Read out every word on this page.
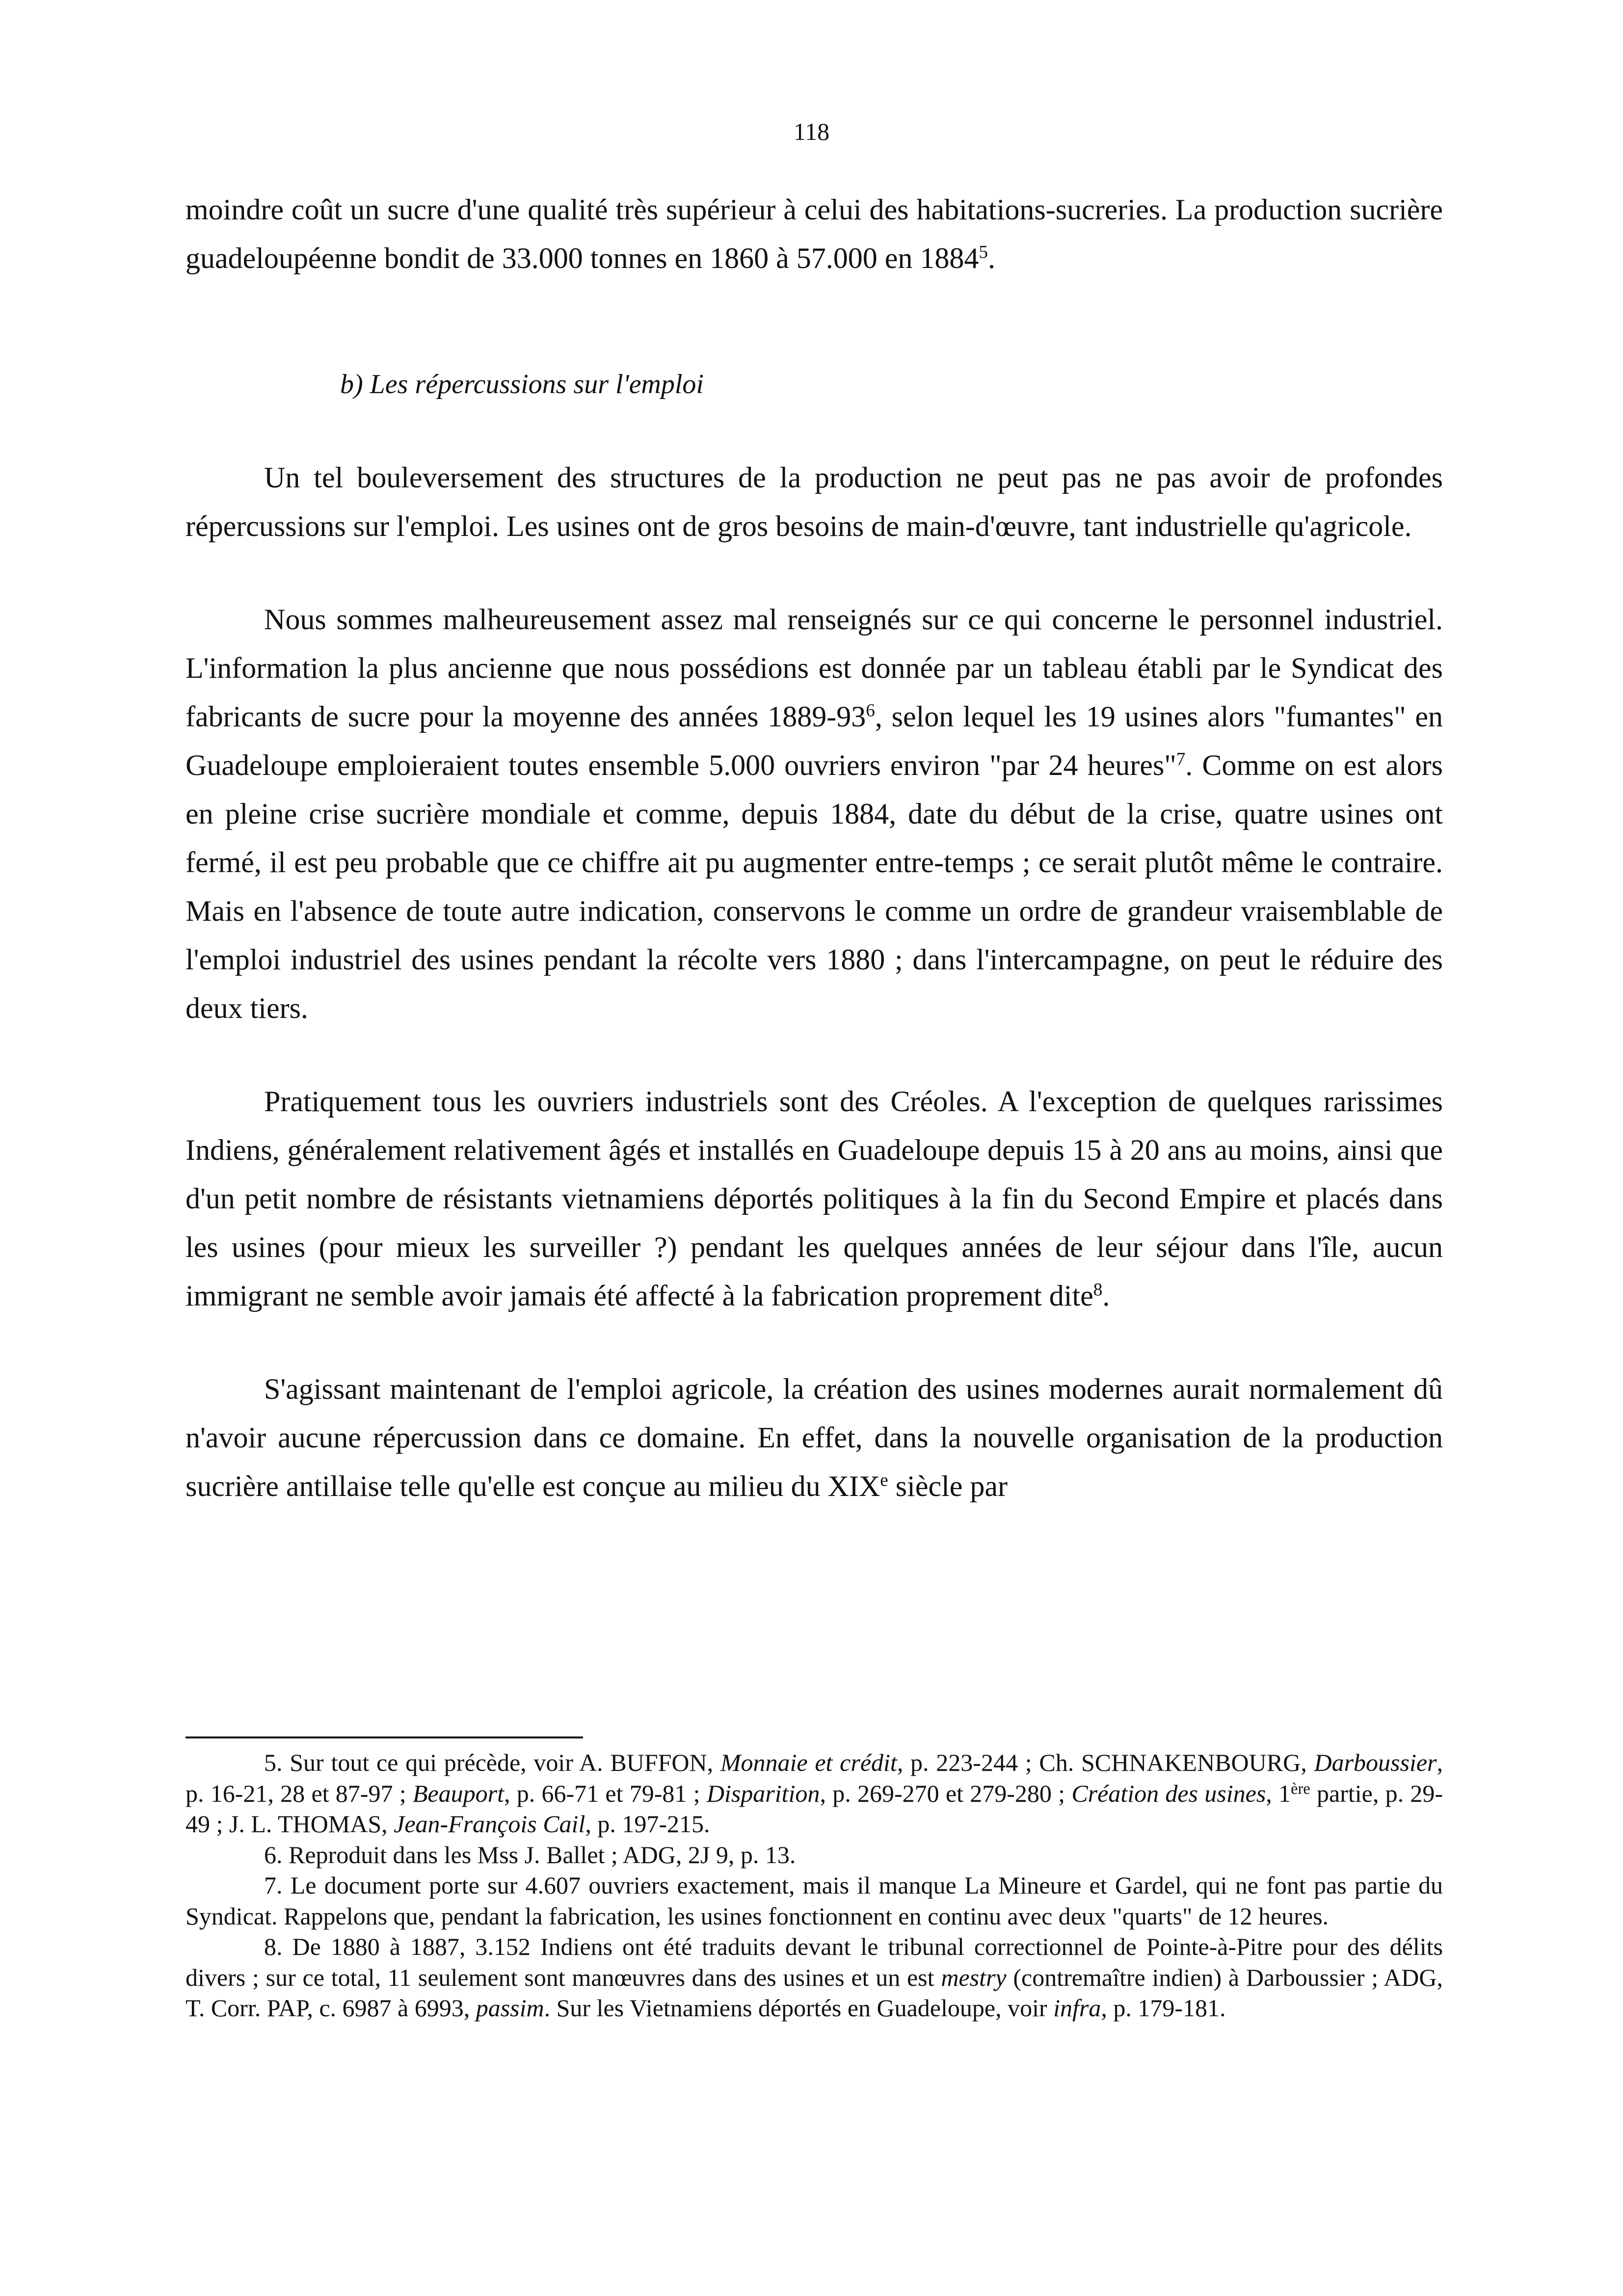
118

moindre coût un sucre d'une qualité très supérieur à celui des habitations-sucreries. La production sucrière guadeloupéenne bondit de 33.000 tonnes en 1860 à 57.000 en 1884$^5$.

b) Les répercussions sur l'emploi

Un tel bouleversement des structures de la production ne peut pas ne pas avoir de profondes répercussions sur l'emploi. Les usines ont de gros besoins de main-d'œuvre, tant industrielle qu'agricole.

Nous sommes malheureusement assez mal renseignés sur ce qui concerne le personnel industriel. L'information la plus ancienne que nous possédions est donnée par un tableau établi par le Syndicat des fabricants de sucre pour la moyenne des années $1889-93^6$, selon lequel les 19 usines alors "fumantes" en Guadeloupe emploieraient toutes ensemble 5.000 ouvriers environ "par 24 heures"$^7$. Comme on est alors en pleine crise sucrière mondiale et comme, depuis 1884, date du début de la crise, quatre usines ont fermé, il est peu probable que ce chiffre ait pu augmenter entre-temps ; ce serait plutôt même le contraire. Mais en l'absence de toute autre indication, conservons le comme un ordre de grandeur vraisemblable de l'emploi industriel des usines pendant la récolte vers 1880 ; dans l'intercampagne, on peut le réduire des deux tiers.

Pratiquement tous les ouvriers industriels sont des Créoles. A l'exception de quelques rarissimes Indiens, généralement relativement âgés et installés en Guadeloupe depuis 15 à 20 ans au moins, ainsi que d'un petit nombre de résistants vietnamiens déportés politiques à la fin du Second Empire et placés dans les usines (pour mieux les surveiller ?) pendant les quelques années de leur séjour dans l'île, aucun immigrant ne semble avoir jamais été affecté à la fabrication proprement dite$^8$.

S'agissant maintenant de l'emploi agricole, la création des usines modernes aurait normalement dû n'avoir aucune répercussion dans ce domaine. En effet, dans la nouvelle organisation de la production sucrière antillaise telle qu'elle est conçue au milieu du XIXe siècle par

5. Sur tout ce qui précède, voir A. BUFFON, Monnaie et crédit, p. 223-244 ; Ch. SCHNAKENBOURG, Darboussier, p. 16-21, 28 et 87-97 ; Beauport, p. 66-71 et 79-81 ; Disparition, p. 269-270 et 279-280 ; Création des usines, 1ère partie, p. 29-49 ; J. L. THOMAS, Jean-François Cail, p. 197-215.

6. Reproduit dans les Mss J. Ballet ; ADG, 2J 9, p. 13.

7. Le document porte sur 4.607 ouvriers exactement, mais il manque La Mineure et Gardel, qui ne font pas partie du Syndicat. Rappelons que, pendant la fabrication, les usines fonctionnent en continu avec deux "quarts" de 12 heures.

8. De 1880 à 1887, 3.152 Indiens ont été traduits devant le tribunal correctionnel de Pointe-à-Pitre pour des délits divers ; sur ce total, 11 seulement sont manœuvres dans des usines et un est mestry (contremaître indien) à Darboussier ; ADG, T. Corr. PAP, c. 6987 à 6993, passim. Sur les Vietnamiens déportés en Guadeloupe, voir infra, p. 179-181.
